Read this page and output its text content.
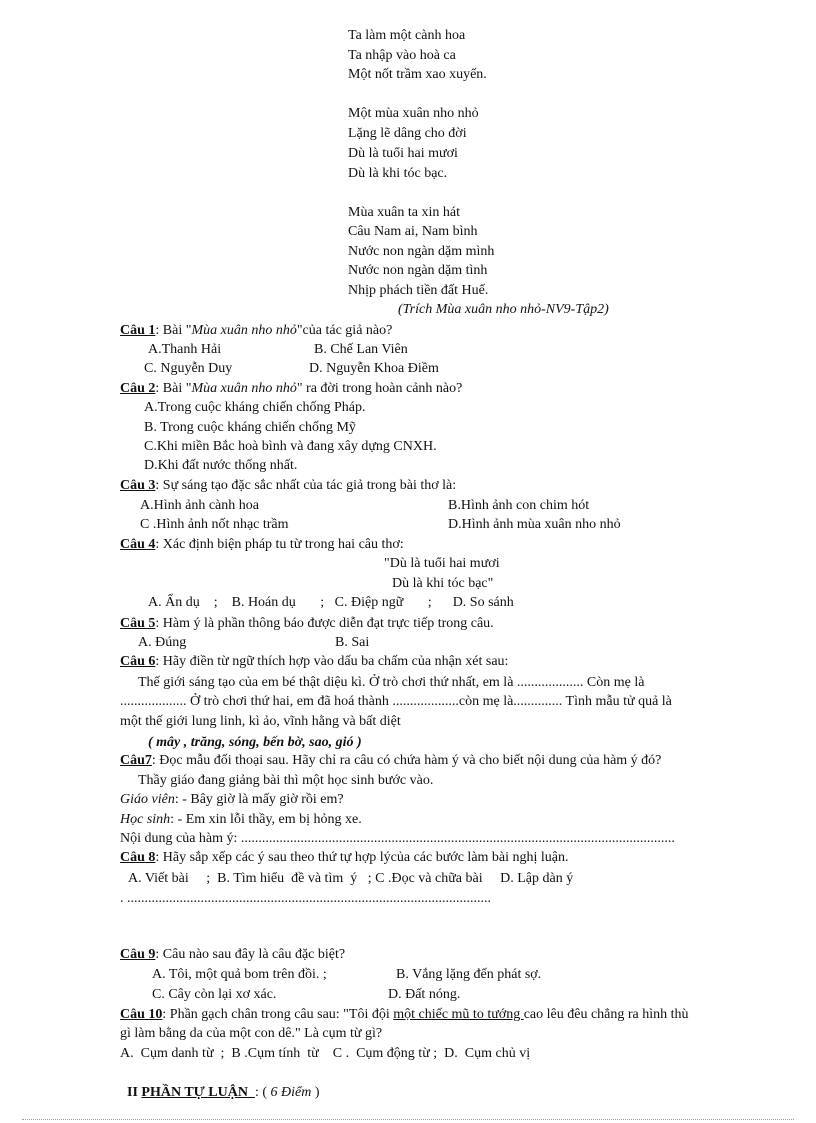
Ta làm một cành hoa
Ta nhập vào hoà ca
Một nốt trầm xao xuyến.
Một mùa xuân nho nhỏ
Lặng lẽ dâng cho đời
Dù là tuổi hai mươi
Dù là khi tóc bạc.
Mùa xuân ta xin hát
Câu Nam ai, Nam bình
Nước non ngàn dặm mình
Nước non ngàn dặm tình
Nhịp phách tiền đất Huế.
(Trích Mùa xuân nho nhỏ-NV9-Tập2)
Câu 1: Bài "Mùa xuân nho nhỏ"của tác giả nào?
A.Thanh Hải	B. Chế Lan Viên
C. Nguyễn Duy	D. Nguyễn Khoa Điềm
Câu 2: Bài "Mùa xuân nho nhỏ" ra đời trong hoàn cảnh nào?
A.Trong cuộc kháng chiến chống Pháp.
B. Trong cuộc kháng chiến chống Mỹ
C.Khi miền Bắc hoà bình và đang xây dựng CNXH.
D.Khi đất nước thống nhất.
Câu 3: Sự sáng tạo đặc sắc nhất của tác giả trong bài thơ là:
A.Hình ảnh cành hoa	B.Hình ảnh con chim hót
C .Hình ảnh nốt nhạc trầm	D.Hình ảnh mùa xuân nho nhỏ
Câu 4: Xác định biện pháp tu từ trong hai câu thơ:
"Dù là tuổi hai mươi
Dù là khi tóc bạc"
A. Ẩn dụ    ;    B. Hoán dụ       ;   C. Điệp ngữ       ;      D. So sánh
Câu 5: Hàm ý là phần thông báo được diễn đạt trực tiếp trong câu.
A. Đúng	B. Sai
Câu 6: Hãy điền từ ngữ thích hợp vào dấu ba chấm của nhận xét sau:
Thế giới sáng tạo của em bé thật diệu kì. Ở trò chơi thứ nhất, em là ................... Còn mẹ là
................... Ở trò chơi thứ hai, em đã hoá thành ...................còn mẹ là.............. Tình mẫu tử quả là
một thế giới lung linh, kì ảo, vĩnh hằng và bất diệt
( mây , trăng, sóng, bến bờ, sao, gió )
Câu7: Đọc mẫu đối thoại sau. Hãy chỉ ra câu có chứa hàm ý và cho biết nội dung của hàm ý đó?
Thầy giáo đang giảng bài thì một học sinh bước vào.
Giáo viên: - Bây giờ là mấy giờ rồi em?
Học sinh: - Em xin lỗi thầy, em bị hỏng xe.
Nội dung của hàm ý: ............................................................................................................................
Câu 8: Hãy sắp xếp các ý sau theo thứ tự hợp lýcủa các bước làm bài nghị luận.
A. Viết bài     ;  B. Tìm hiểu  đề và tìm  ý   ; C .Đọc và chữa bài     D. Lập dàn ý
. ........................................................................................................
Câu 9: Câu nào sau đây là câu đặc biệt?
A. Tôi, một quả bom trên đồi. ;	B. Vắng lặng đến phát sợ.
C. Cây còn lại xơ xác.	D. Đất nóng.
Câu 10: Phần gạch chân trong câu sau: "Tôi đội một chiếc mũ to tướng cao lêu đêu chẳng ra hình thù
gì làm bằng da của một con dê." Là cụm từ gì?
A.  Cụm danh từ  ;  B .Cụm tính  từ    C .  Cụm động từ ;  D.  Cụm chủ vị

II PHẦN TỰ LUẬN  : ( 6 Điểm )
